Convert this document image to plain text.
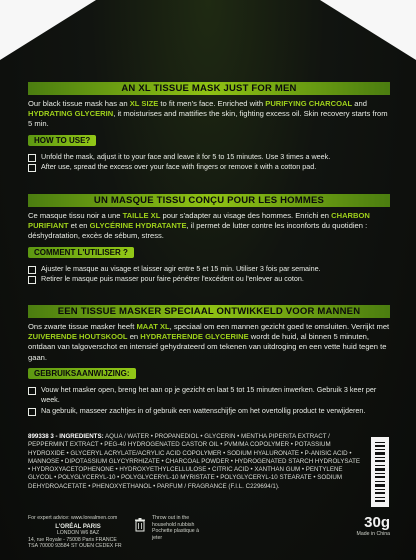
AN XL TISSUE MASK JUST FOR MEN
Our black tissue mask has an XL SIZE to fit men's face. Enriched with PURIFYING CHARCOAL and HYDRATING GLYCERIN, it moisturises and mattifies the skin, fighting excess oil. Skin recovery starts from 5 min.
HOW TO USE?
Unfold the mask, adjust it to your face and leave it for 5 to 15 minutes. Use 3 times a week.
After use, spread the excess over your face with fingers or remove it with a cotton pad.
UN MASQUE TISSU CONÇU POUR LES HOMMES
Ce masque tissu noir a une TAILLE XL pour s'adapter au visage des hommes. Enrichi en CHARBON PURIFIANT et en GLYCÉRINE HYDRATANTE, il permet de lutter contre les inconforts du quotidien : déshydratation, excès de sébum, stress.
COMMENT L'UTILISER ?
Ajuster le masque au visage et laisser agir entre 5 et 15 min. Utiliser 3 fois par semaine.
Retirer le masque puis masser pour faire pénétrer l'excédent ou l'enlever au coton.
EEN TISSUE MASKER SPECIAAL ONTWIKKELD VOOR MANNEN
Ons zwarte tissue masker heeft MAAT XL, speciaal om een mannen gezicht goed te omsluiten. Verrijkt met ZUIVERENDE HOUTSKOOL en HYDRATERENDE GLYCERINE wordt de huid, al binnen 5 minuten, ontdaan van talgoverschot en intensief gehydrateerd om tekenen van uitdroging en een vette huid tegen te gaan.
GEBRUIKSAANWIJZING:
Vouw het masker open, breng het aan op je gezicht en laat 5 tot 15 minuten inwerken. Gebruik 3 keer per week.
Na gebruik, masseer zachtjes in of gebruik een wattenschijfje om het overtollig product te verwijderen.
899338 3 - INGREDIENTS: AQUA / WATER • PROPANEDIOL • GLYCERIN • MENTHA PIPERITA EXTRACT / PEPPERMINT EXTRACT • PEG-40 HYDROGENATED CASTOR OIL • PVM/MA COPOLYMER • POTASSIUM HYDROXIDE • GLYCERYL ACRYLATE/ACRYLIC ACID COPOLYMER • SODIUM HYALURONATE • P-ANISIC ACID • MANNOSE • DIPOTASSIUM GLYCYRRHIZATE • CHARCOAL POWDER • HYDROGENATED STARCH HYDROLYSATE • HYDROXYACETOPHENONE • HYDROXYETHYLCELLULOSE • CITRIC ACID • XANTHAN GUM • PENTYLENE GLYCOL • POLYGLYCERYL-10 • POLYGLYCERYL-10 MYRISTATE • POLYGLYCERYL-10 STEARATE • SODIUM DEHYDROACETATE • PHENOXYETHANOL • PARFUM / FRAGRANCE (F.I.L. C229694/1).
For expert advice: www.lorealmen.com
L'ORÉAL PARIS
LONDON W6 8AZ
14, rue Royale - 75008 Paris FRANCE
TSA 70000 93584 ST OUEN CEDEX FR
Throw out in the household rubbish
Pochette plastique à jeter
30g
Made in China
